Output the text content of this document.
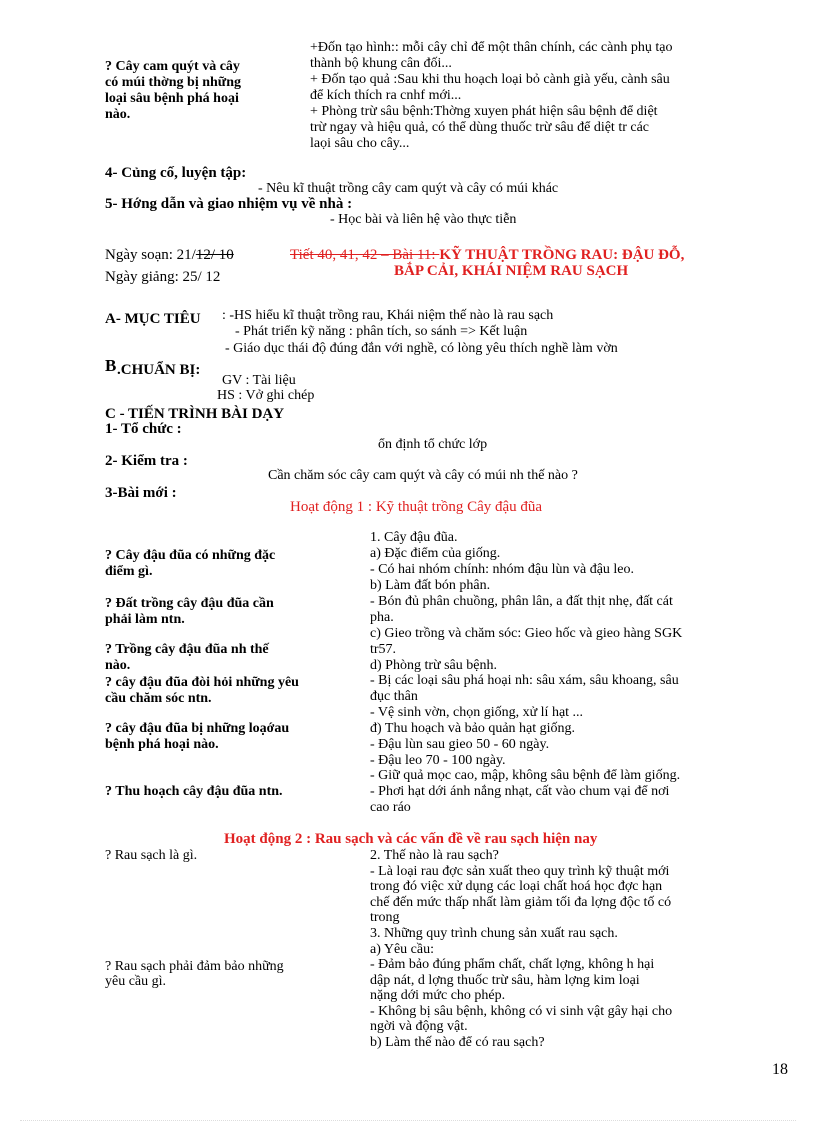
? Cây cam quýt và cây
có múi thờng bị những
loại sâu bệnh phá hoại
nào.
+Đốn tạo hình:: mỗi cây chỉ để một thân chính, các cành phụ tạo
thành bộ khung cân đối...
+ Đốn tạo quả :Sau khi thu hoạch loại bỏ cành già yếu, cành sâu
để kích thích ra cnhf mới...
+ Phòng trừ sâu bệnh:Thờng xuyen phát hiện sâu bệnh để diệt
trừ ngay và hiệu quả, có thể dùng thuốc trừ sâu để diệt tr các
laọi sâu cho cây...
4- Củng cố, luyện tập:
- Nêu kĩ thuật trồng cây cam quýt và cây có múi khác
5- Hớng dẫn và giao nhiệm vụ về nhà :
- Học bài và liên hệ vào thực tiễn
Ngày soạn: 21/12/ 10	Tiết 40, 41, 42 – Bài 11: KỸ THUẬT TRỒNG RAU: ĐẬU ĐỖ,
BẮP CẢI, KHÁI NIỆM RAU SẠCH
Ngày giảng: 25/ 12
A- MỤC TIÊU : -HS hiểu kĩ thuật trồng rau, Khái niệm thế nào là rau sạch
- Phát triển kỹ năng : phân tích, so sánh => Kết luận
- Giáo dục thái độ đúng đắn với nghề, có lòng yêu thích nghề làm vờn
B .CHUẨN BỊ:
GV : Tài liệu
HS : Vở ghi chép
C - TIẾN TRÌNH BÀI DẠY
1- Tổ chức :
ổn định tổ chức lớp
2- Kiểm tra :
Cần chăm sóc cây cam quýt và cây có múi nh thế nào ?
3-Bài mới :
Hoạt động 1 : Kỹ thuật trồng Cây đậu đũa
? Cây đậu đũa có những đặc
điểm gì.
? Đất trồng cây đậu đũa cần
phải làm ntn.
? Trồng cây đậu đũa nh thế
nào.
? cây đậu đũa đòi hỏi những yêu
cầu chăm sóc ntn.
? cây đậu đũa bị những loạớau
bệnh phá hoại nào.
? Thu hoạch cây đậu đũa ntn.
1. Cây đậu đũa.
a) Đặc điểm của giống.
- Có hai nhóm chính: nhóm đậu lùn và đậu leo.
b) Làm đất bón phân.
- Bón đủ phân chuồng, phân lân, a đất thịt nhẹ, đất cát
pha.
c) Gieo trồng và chăm sóc: Gieo hốc và gieo hàng SGK
tr57.
d) Phòng trừ sâu bệnh.
- Bị các loại sâu phá hoại nh: sâu xám, sâu khoang, sâu
đục thân
- Vệ sinh vờn, chọn giống, xử lí hạt ...
đ) Thu hoạch và bảo quản hạt giống.
- Đậu lùn sau gieo 50 - 60 ngày.
- Đậu leo 70 - 100 ngày.
- Giữ quả mọc cao, mập, không sâu bệnh để làm giống.
- Phơi hạt dới ánh nắng nhạt, cất vào chum vại để nơi
cao ráo
Hoạt động 2 : Rau sạch và các vấn đề về rau sạch hiện nay
? Rau sạch là gì.
? Rau sạch phải đảm bảo những
yêu cầu gì.
2. Thế nào là rau sạch?
- Là loại rau đợc sản xuất theo quy trình kỹ thuật mới
trong đó việc xử dụng các loại chất hoá học đợc hạn
chế đến mức thấp nhất làm giảm tối đa lợng độc tố có
trong
3. Những quy trình chung sản xuất rau sạch.
a) Yêu cầu:
- Đảm bảo đúng phẩm chất, chất lợng, không h hại
dập nát, d lợng thuốc trừ sâu, hàm lợng kim loại
nặng dới mức cho phép.
- Không bị sâu bệnh, không có vi sinh vật gây hại cho
ngời và động vật.
b) Làm thế nào để có rau sạch?
18
